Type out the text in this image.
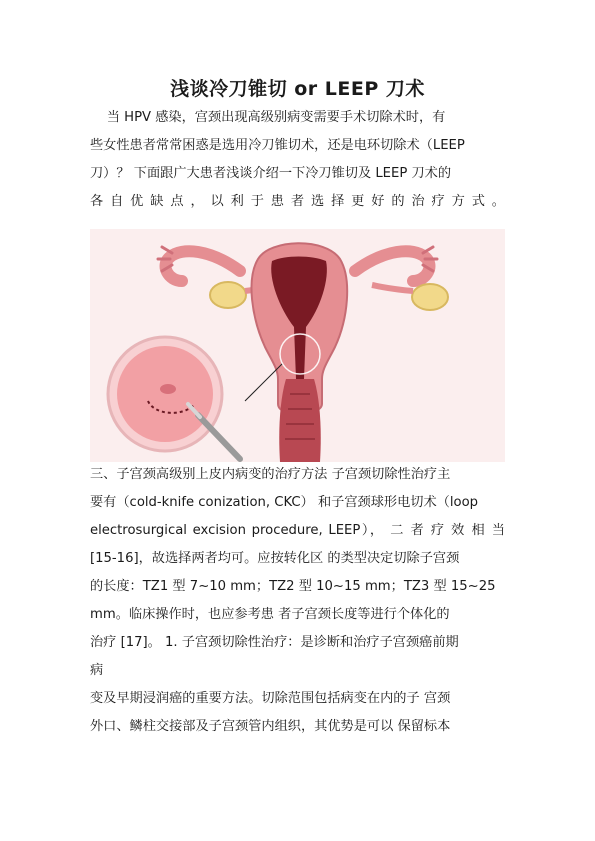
浅谈冷刀锥切 or LEEP 刀术
当 HPV 感染，宫颈出现高级别病变需要手术切除术时，有
些女性患者常常困惑是选用冷刀锥切术，还是电环切除术（LEEP
刀）？ 下面跟广大患者浅谈介绍一下冷刀锥切及 LEEP 刀术的
各 自 优 缺 点 ， 以 利 于 患 者 选 择 更 好 的 治 疗 方 式 。
三、子宫颈高级别上皮内病变的治疗方法 子宫颈切除性治疗主
要有（cold-knife conization, CKC） 和子宫颈球形电切术（loop
electrosurgical excision procedure, LEEP）， 二 者 疗 效 相 当
[15-16]，故选择两者均可。应按转化区 的类型决定切除子宫颈
的长度：TZ1 型 7~10 mm；TZ2 型 10~15 mm；TZ3 型 15~25
mm。临床操作时，也应参考患 者子宫颈长度等进行个体化的
治疗 [17]。 1. 子宫颈切除性治疗：是诊断和治疗子宫颈癌前期
病
变及早期浸润癌的重要方法。切除范围包括病变在内的子 宫颈
外口、鳞柱交接部及子宫颈管内组织，其优势是可以 保留标本
